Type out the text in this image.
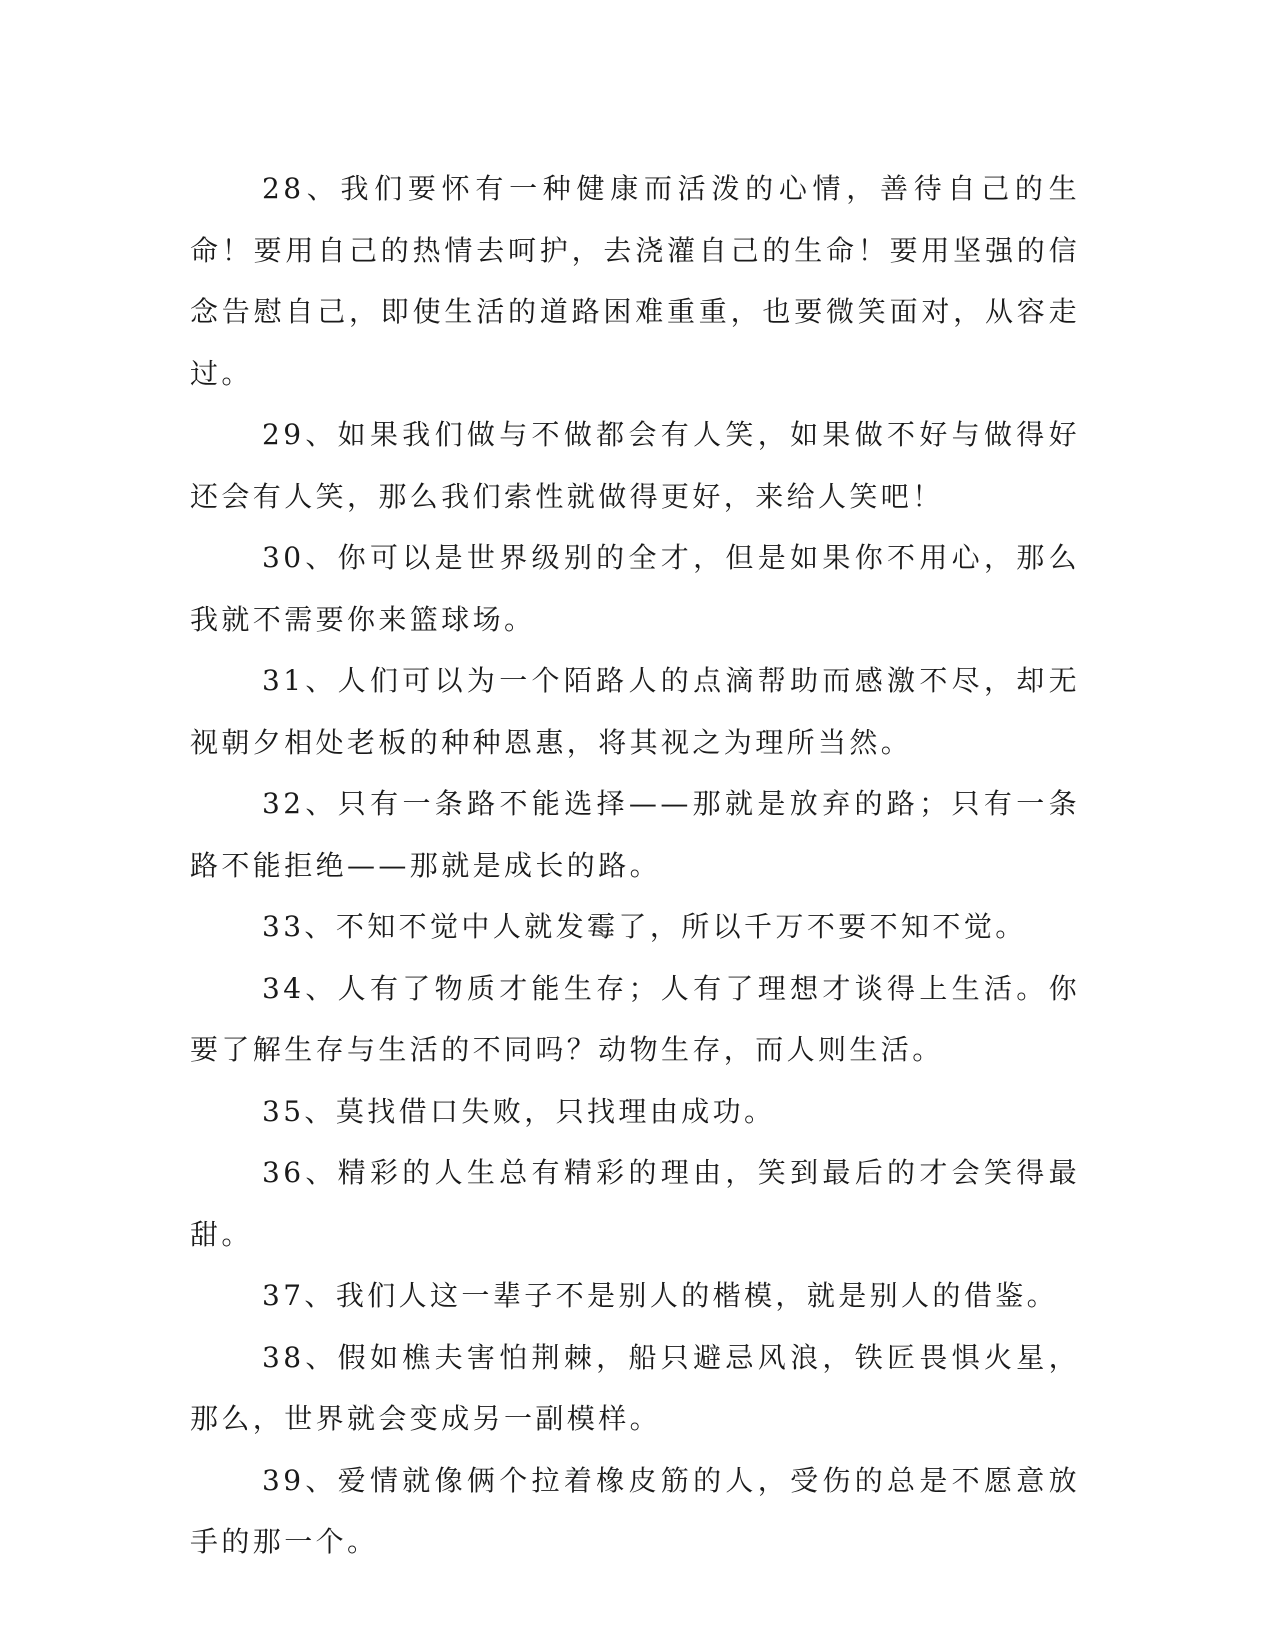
28、我们要怀有一种健康而活泼的心情，善待自己的生命！要用自己的热情去呵护，去浇灌自己的生命！要用坚强的信念告慰自己，即使生活的道路困难重重，也要微笑面对，从容走过。

29、如果我们做与不做都会有人笑，如果做不好与做得好还会有人笑，那么我们索性就做得更好，来给人笑吧！

30、你可以是世界级别的全才，但是如果你不用心，那么我就不需要你来篮球场。

31、人们可以为一个陌路人的点滴帮助而感激不尽，却无视朝夕相处老板的种种恩惠，将其视之为理所当然。

32、只有一条路不能选择——那就是放弃的路；只有一条路不能拒绝——那就是成长的路。

33、不知不觉中人就发霉了，所以千万不要不知不觉。

34、人有了物质才能生存；人有了理想才谈得上生活。你要了解生存与生活的不同吗？动物生存，而人则生活。

35、莫找借口失败，只找理由成功。

36、精彩的人生总有精彩的理由，笑到最后的才会笑得最甜。

37、我们人这一辈子不是别人的楷模，就是别人的借鉴。

38、假如樵夫害怕荆棘，船只避忌风浪，铁匠畏惧火星，那么，世界就会变成另一副模样。

39、爱情就像俩个拉着橡皮筋的人，受伤的总是不愿意放手的那一个。
